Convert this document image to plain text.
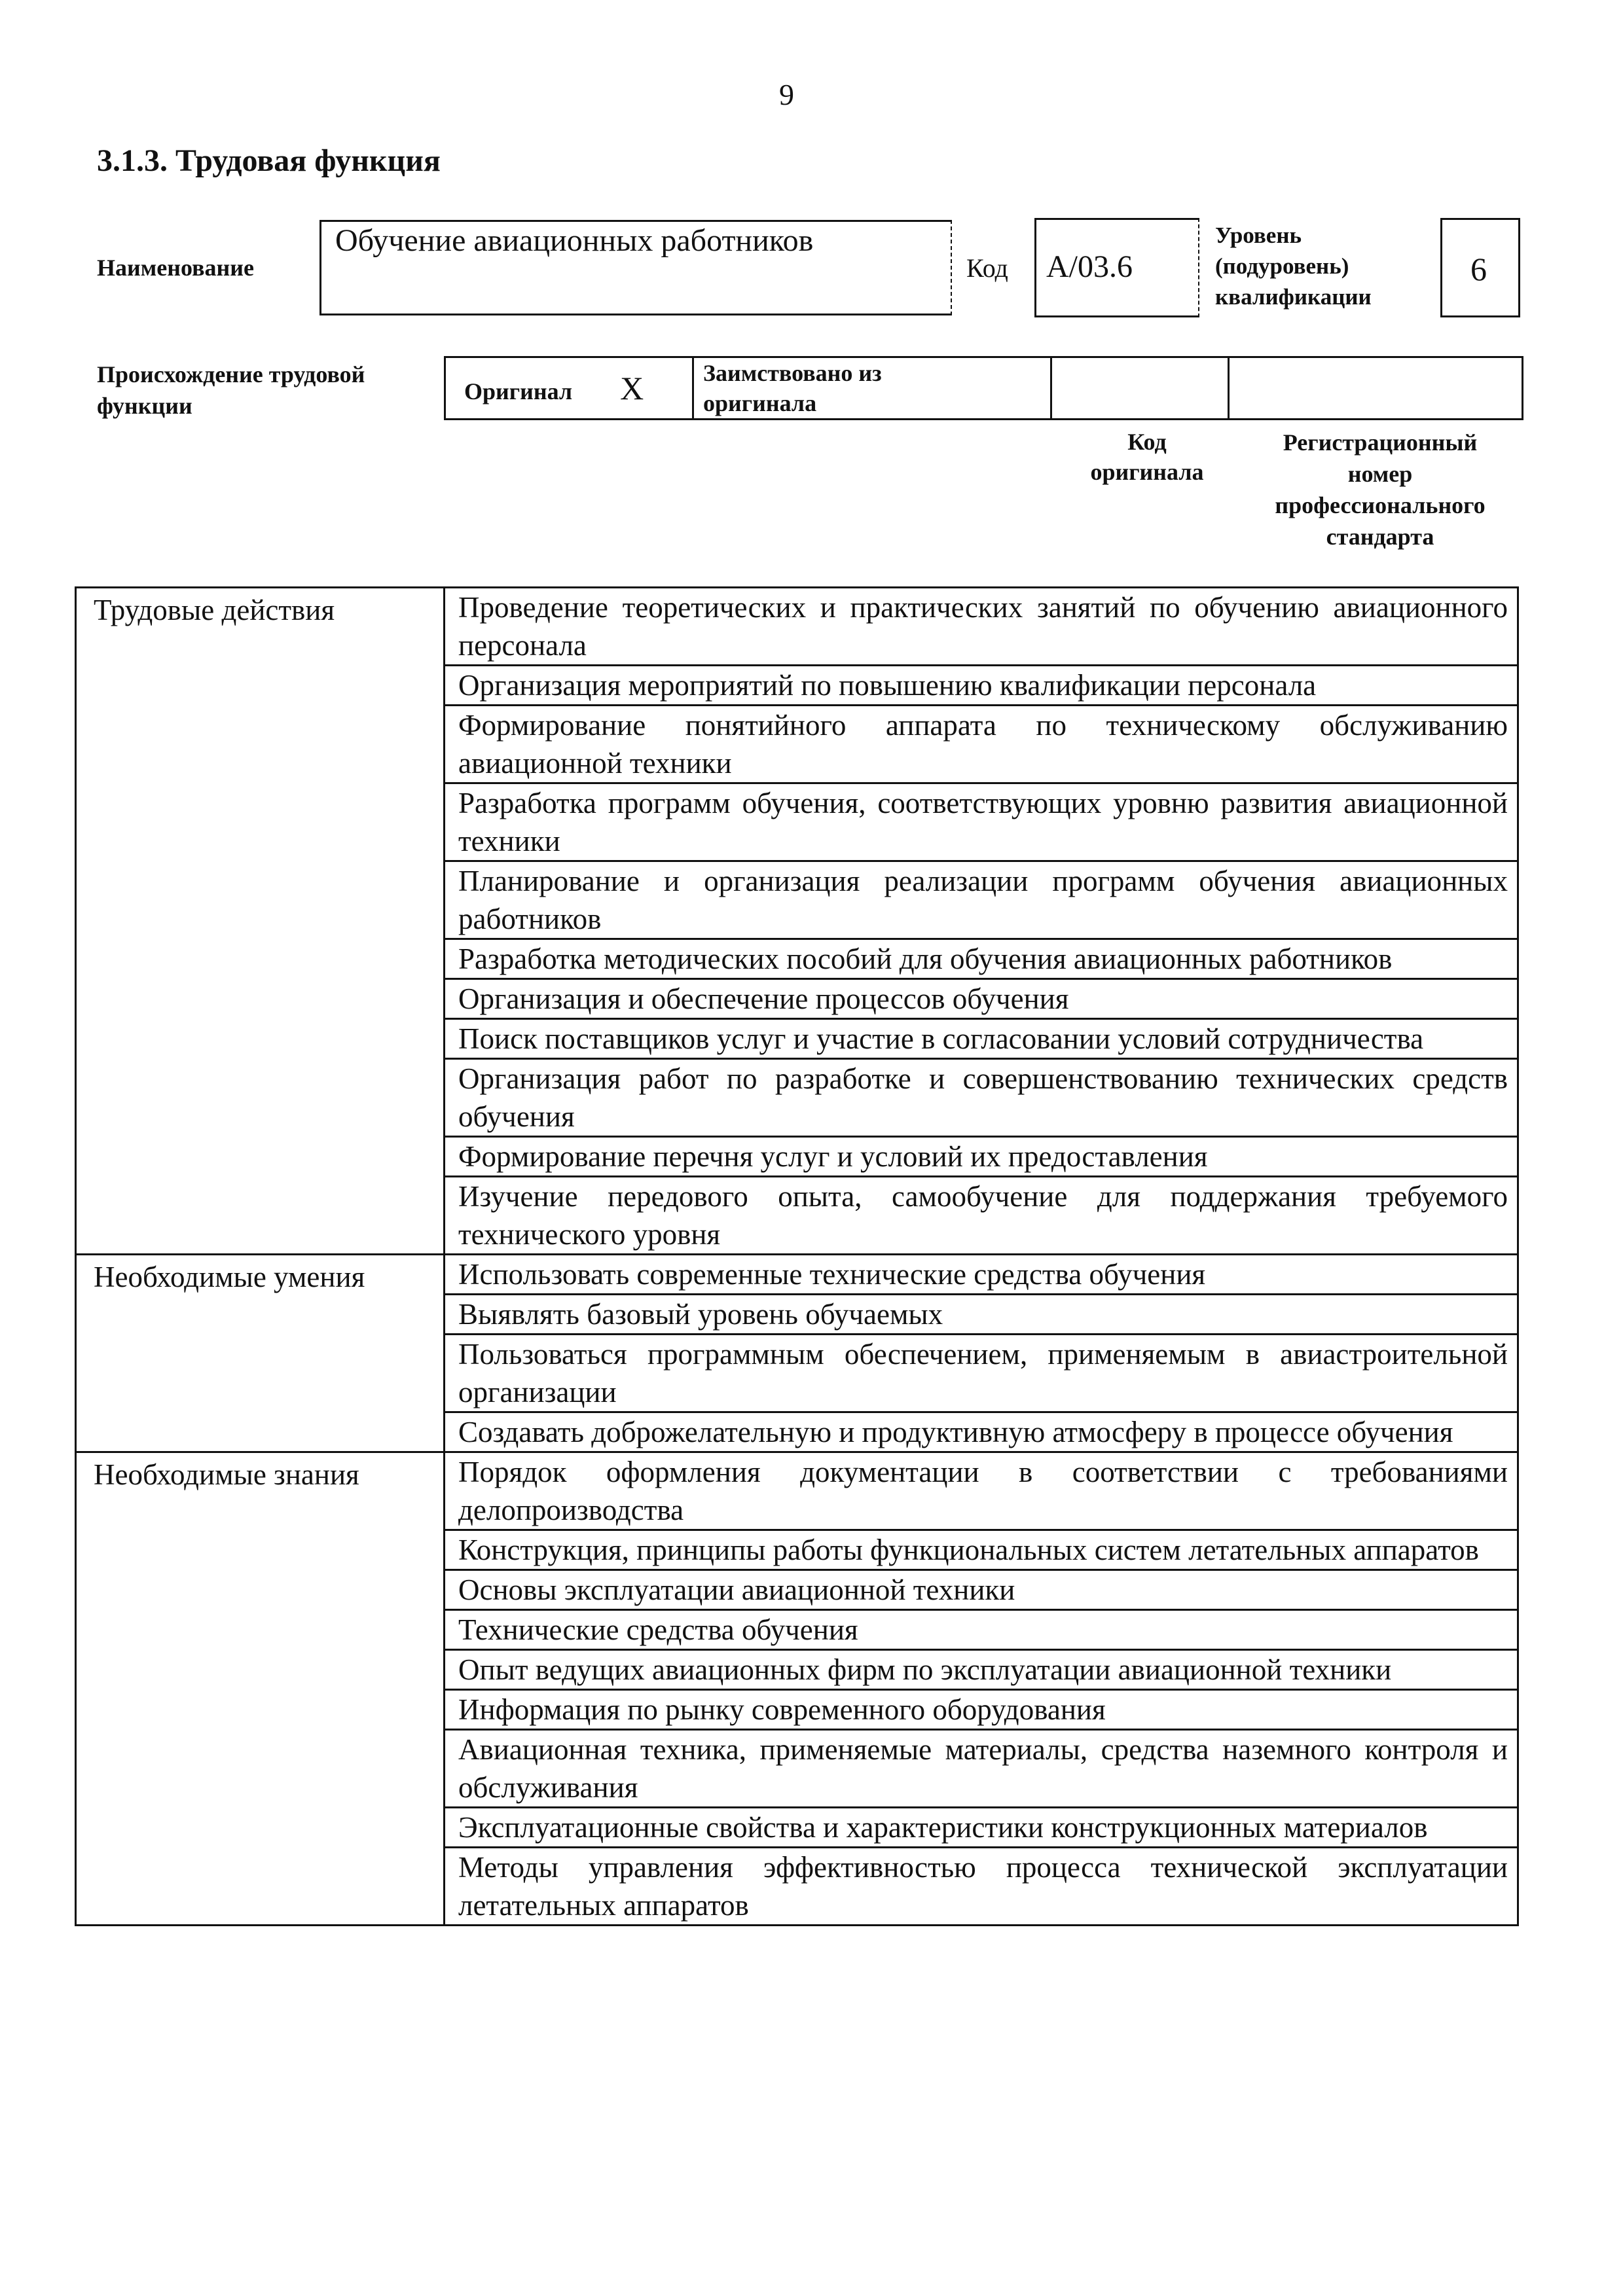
9
3.1.3. Трудовая функция
Наименование
Обучение авиационных работников
Код А/03.6
Уровень
(подуровень)
квалификации
6
Происхождение трудовой
функции
Оригинал X	Заимствовано из
оригинала

Код
оригинала
Регистрационный
номер
профессионального
стандарта
Трудовые действия	Проведение теоретических и практических занятий по обучению авиационного персонала
	Организация мероприятий по повышению квалификации персонала
	Формирование понятийного аппарата по техническому обслуживанию авиационной техники
	Разработка программ обучения, соответствующих уровню развития авиационной техники
	Планирование и организация реализации программ обучения авиационных работников
	Разработка методических пособий для обучения авиационных работников
	Организация и обеспечение процессов обучения
	Поиск поставщиков услуг и участие в согласовании условий сотрудничества
	Организация работ по разработке и совершенствованию технических средств обучения
	Формирование перечня услуг и условий их предоставления
	Изучение передового опыта, самообучение для поддержания требуемого технического уровня
Необходимые умения	Использовать современные технические средства обучения
	Выявлять базовый уровень обучаемых
	Пользоваться программным обеспечением, применяемым в авиастроительной организации
	Создавать доброжелательную и продуктивную атмосферу в процессе обучения
Необходимые знания	Порядок оформления документации в соответствии с требованиями делопроизводства
	Конструкция, принципы работы функциональных систем летательных аппаратов
	Основы эксплуатации авиационной техники
	Технические средства обучения
	Опыт ведущих авиационных фирм по эксплуатации авиационной техники
	Информация по рынку современного оборудования
	Авиационная техника, применяемые материалы, средства наземного контроля и обслуживания
	Эксплуатационные свойства и характеристики конструкционных материалов
	Методы управления эффективностью процесса технической эксплуатации летательных аппаратов
